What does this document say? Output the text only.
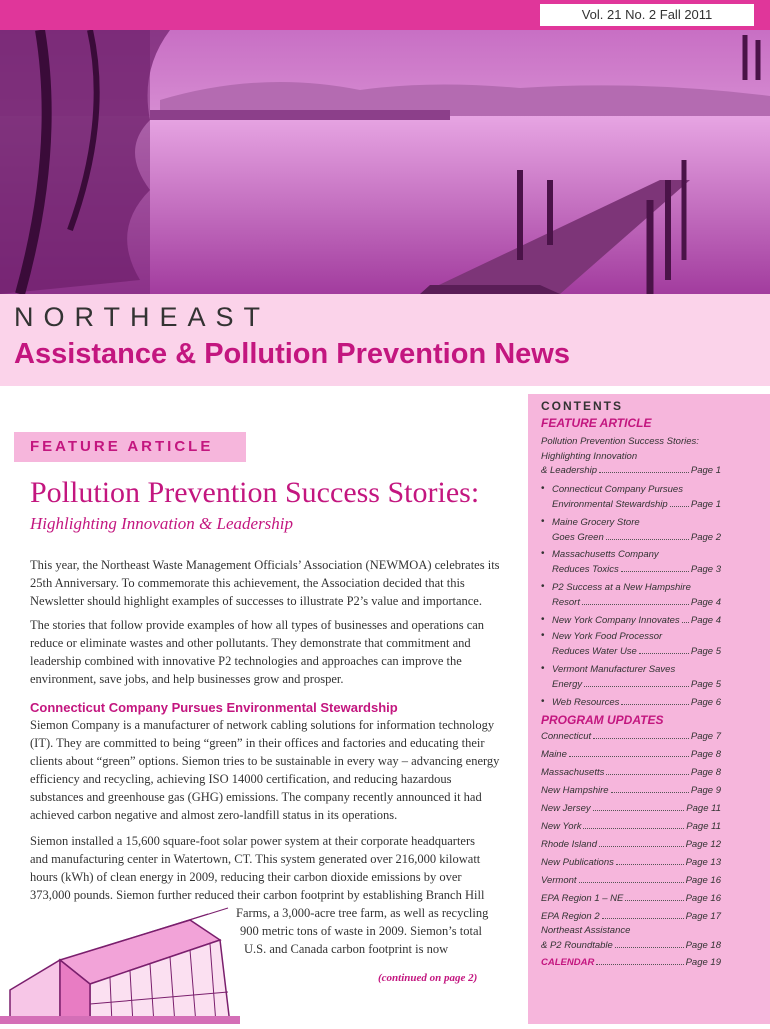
Vol. 21 No. 2 Fall 2011
NORTHEAST
Assistance & Pollution Prevention News
CONTENTS
FEATURE ARTICLE
Pollution Prevention Success Stories:
Highlighting Innovation
& Leadership	Page 1
• Connecticut Company Pursues
Environmental Stewardship Page 1
• Maine Grocery Store
Goes Green	Page 2
• Massachusetts Company
Reduces Toxics	Page 3
• P2 Success at a New Hampshire
Resort	Page 4
• New York Company Innovates Page 4
• New York Food Processor
Reduces Water Use	Page 5
• Vermont Manufacturer Saves
Energy	Page 5
• Web Resources	Page 6
PROGRAM UPDATES
Connecticut	Page 7
Maine	Page 8
Massachusetts	Page 8
New Hampshire	Page 9
New Jersey	Page 11
New York	Page 11
Rhode Island	Page 12
New Publications	Page 13
Vermont	Page 16
EPA Region 1 – NE	Page 16
EPA Region 2	Page 17
Northeast Assistance
& P2 Roundtable	Page 18
CALENDAR	Page 19
FEATURE ARTICLE
Pollution Prevention Success Stories:
Highlighting Innovation & Leadership

This year, the Northeast Waste Management Officials’ Association (NEWMOA) celebrates its 25th Anniversary. To commemorate this achievement, the Association decided that this Newsletter should highlight examples of successes to illustrate P2’s value and importance.

The stories that follow provide examples of how all types of businesses and operations can reduce or eliminate wastes and other pollutants. They demonstrate that commitment and leadership combined with innovative P2 technologies and approaches can improve the environment, save jobs, and help businesses grow and prosper.

Connecticut Company Pursues Environmental Stewardship

Siemon Company is a manufacturer of network cabling solutions for information technology (IT). They are committed to being “green” in their offices and factories and educating their clients about “green” options. Siemon tries to be sustainable in every way – advancing energy efficiency and recycling, achieving ISO 14000 certification, and reducing hazardous substances and greenhouse gas (GHG) emissions. The company recently announced it had achieved carbon negative and almost zero-landfill status in its operations.

Siemon installed a 15,600 square-foot solar power system at their corporate headquarters

and manufacturing center in Watertown, CT. This system generated over 216,000 kilowatt

hours (kWh) of clean energy in 2009, reducing their carbon dioxide emissions by over

373,000 pounds. Siemon further reduced their carbon footprint by establishing Branch Hill

Farms, a 3,000-acre tree farm, as well as recycling

900 metric tons of waste in 2009. Siemon’s total

U.S. and Canada carbon footprint is now

(continued on page 2)
